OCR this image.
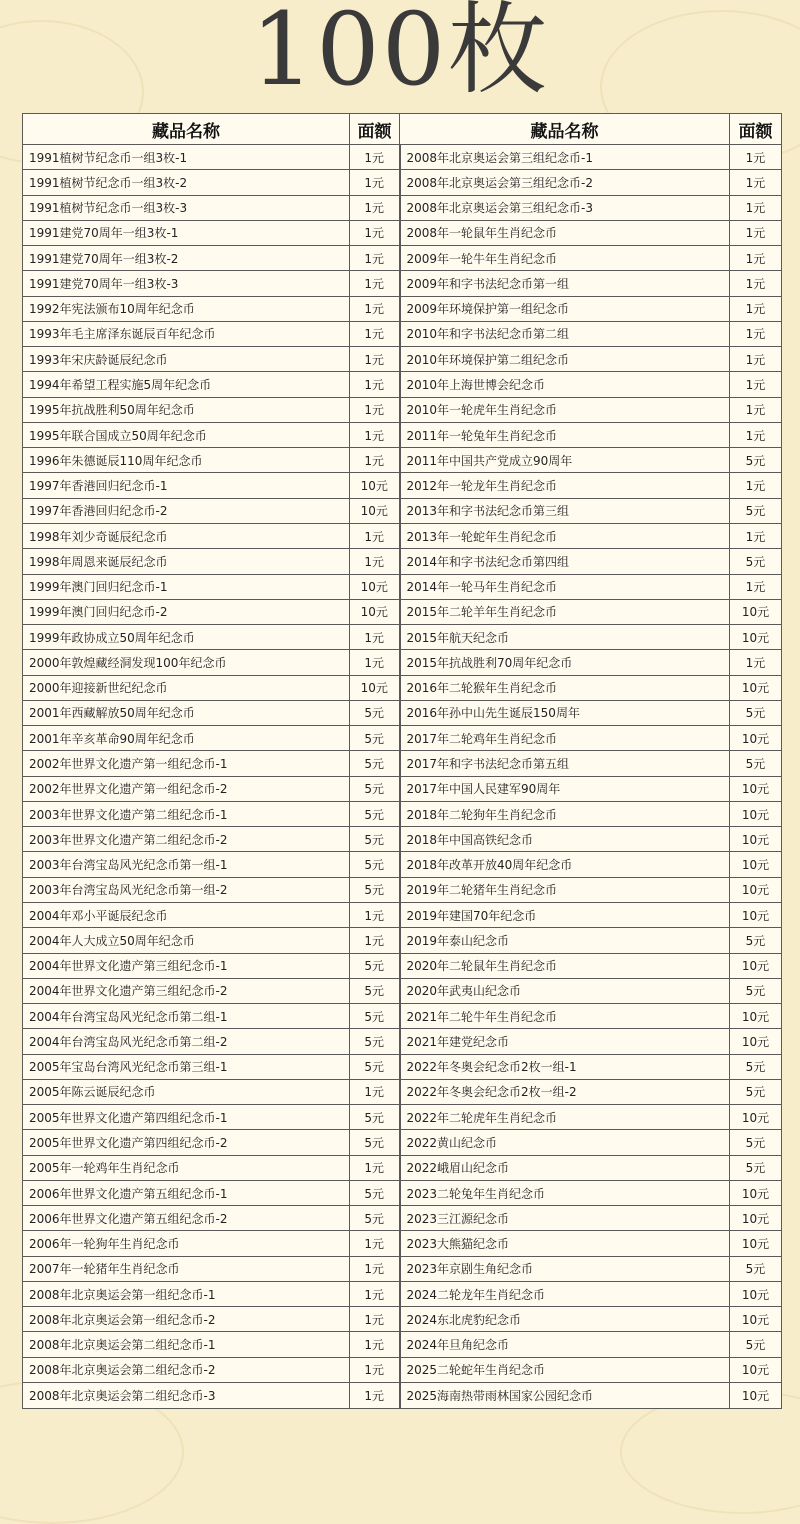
100枚
藏品名称	面额	藏品名称	面额
1991植树节纪念币一组3枚-1	1元	2008年北京奥运会第三组纪念币-1	1元
1991植树节纪念币一组3枚-2	1元	2008年北京奥运会第三组纪念币-2	1元
1991植树节纪念币一组3枚-3	1元	2008年北京奥运会第三组纪念币-3	1元
1991建党70周年一组3枚-1	1元	2008年一轮鼠年生肖纪念币	1元
1991建党70周年一组3枚-2	1元	2009年一轮牛年生肖纪念币	1元
1991建党70周年一组3枚-3	1元	2009年和字书法纪念币第一组	1元
1992年宪法颁布10周年纪念币	1元	2009年环境保护第一组纪念币	1元
1993年毛主席泽东诞辰百年纪念币	1元	2010年和字书法纪念币第二组	1元
1993年宋庆龄诞辰纪念币	1元	2010年环境保护第二组纪念币	1元
1994年希望工程实施5周年纪念币	1元	2010年上海世博会纪念币	1元
1995年抗战胜利50周年纪念币	1元	2010年一轮虎年生肖纪念币	1元
1995年联合国成立50周年纪念币	1元	2011年一轮兔年生肖纪念币	1元
1996年朱德诞辰110周年纪念币	1元	2011年中国共产党成立90周年	5元
1997年香港回归纪念币-1	10元	2012年一轮龙年生肖纪念币	1元
1997年香港回归纪念币-2	10元	2013年和字书法纪念币第三组	5元
1998年刘少奇诞辰纪念币	1元	2013年一轮蛇年生肖纪念币	1元
1998年周恩来诞辰纪念币	1元	2014年和字书法纪念币第四组	5元
1999年澳门回归纪念币-1	10元	2014年一轮马年生肖纪念币	1元
1999年澳门回归纪念币-2	10元	2015年二轮羊年生肖纪念币	10元
1999年政协成立50周年纪念币	1元	2015年航天纪念币	10元
2000年敦煌藏经洞发现100年纪念币	1元	2015年抗战胜利70周年纪念币	1元
2000年迎接新世纪纪念币	10元	2016年二轮猴年生肖纪念币	10元
2001年西藏解放50周年纪念币	5元	2016年孙中山先生诞辰150周年	5元
2001年辛亥革命90周年纪念币	5元	2017年二轮鸡年生肖纪念币	10元
2002年世界文化遗产第一组纪念币-1	5元	2017年和字书法纪念币第五组	5元
2002年世界文化遗产第一组纪念币-2	5元	2017年中国人民建军90周年	10元
2003年世界文化遗产第二组纪念币-1	5元	2018年二轮狗年生肖纪念币	10元
2003年世界文化遗产第二组纪念币-2	5元	2018年中国高铁纪念币	10元
2003年台湾宝岛风光纪念币第一组-1	5元	2018年改革开放40周年纪念币	10元
2003年台湾宝岛风光纪念币第一组-2	5元	2019年二轮猪年生肖纪念币	10元
2004年邓小平诞辰纪念币	1元	2019年建国70年纪念币	10元
2004年人大成立50周年纪念币	1元	2019年泰山纪念币	5元
2004年世界文化遗产第三组纪念币-1	5元	2020年二轮鼠年生肖纪念币	10元
2004年世界文化遗产第三组纪念币-2	5元	2020年武夷山纪念币	5元
2004年台湾宝岛风光纪念币第二组-1	5元	2021年二轮牛年生肖纪念币	10元
2004年台湾宝岛风光纪念币第二组-2	5元	2021年建党纪念币	10元
2005年宝岛台湾风光纪念币第三组-1	5元	2022年冬奥会纪念币2枚一组-1	5元
2005年陈云诞辰纪念币	1元	2022年冬奥会纪念币2枚一组-2	5元
2005年世界文化遗产第四组纪念币-1	5元	2022年二轮虎年生肖纪念币	10元
2005年世界文化遗产第四组纪念币-2	5元	2022黄山纪念币	5元
2005年一轮鸡年生肖纪念币	1元	2022峨眉山纪念币	5元
2006年世界文化遗产第五组纪念币-1	5元	2023二轮兔年生肖纪念币	10元
2006年世界文化遗产第五组纪念币-2	5元	2023三江源纪念币	10元
2006年一轮狗年生肖纪念币	1元	2023大熊猫纪念币	10元
2007年一轮猪年生肖纪念币	1元	2023年京剧生角纪念币	5元
2008年北京奥运会第一组纪念币-1	1元	2024二轮龙年生肖纪念币	10元
2008年北京奥运会第一组纪念币-2	1元	2024东北虎豹纪念币	10元
2008年北京奥运会第二组纪念币-1	1元	2024年旦角纪念币	5元
2008年北京奥运会第二组纪念币-2	1元	2025二轮蛇年生肖纪念币	10元
2008年北京奥运会第二组纪念币-3	1元	2025海南热带雨林国家公园纪念币	10元
